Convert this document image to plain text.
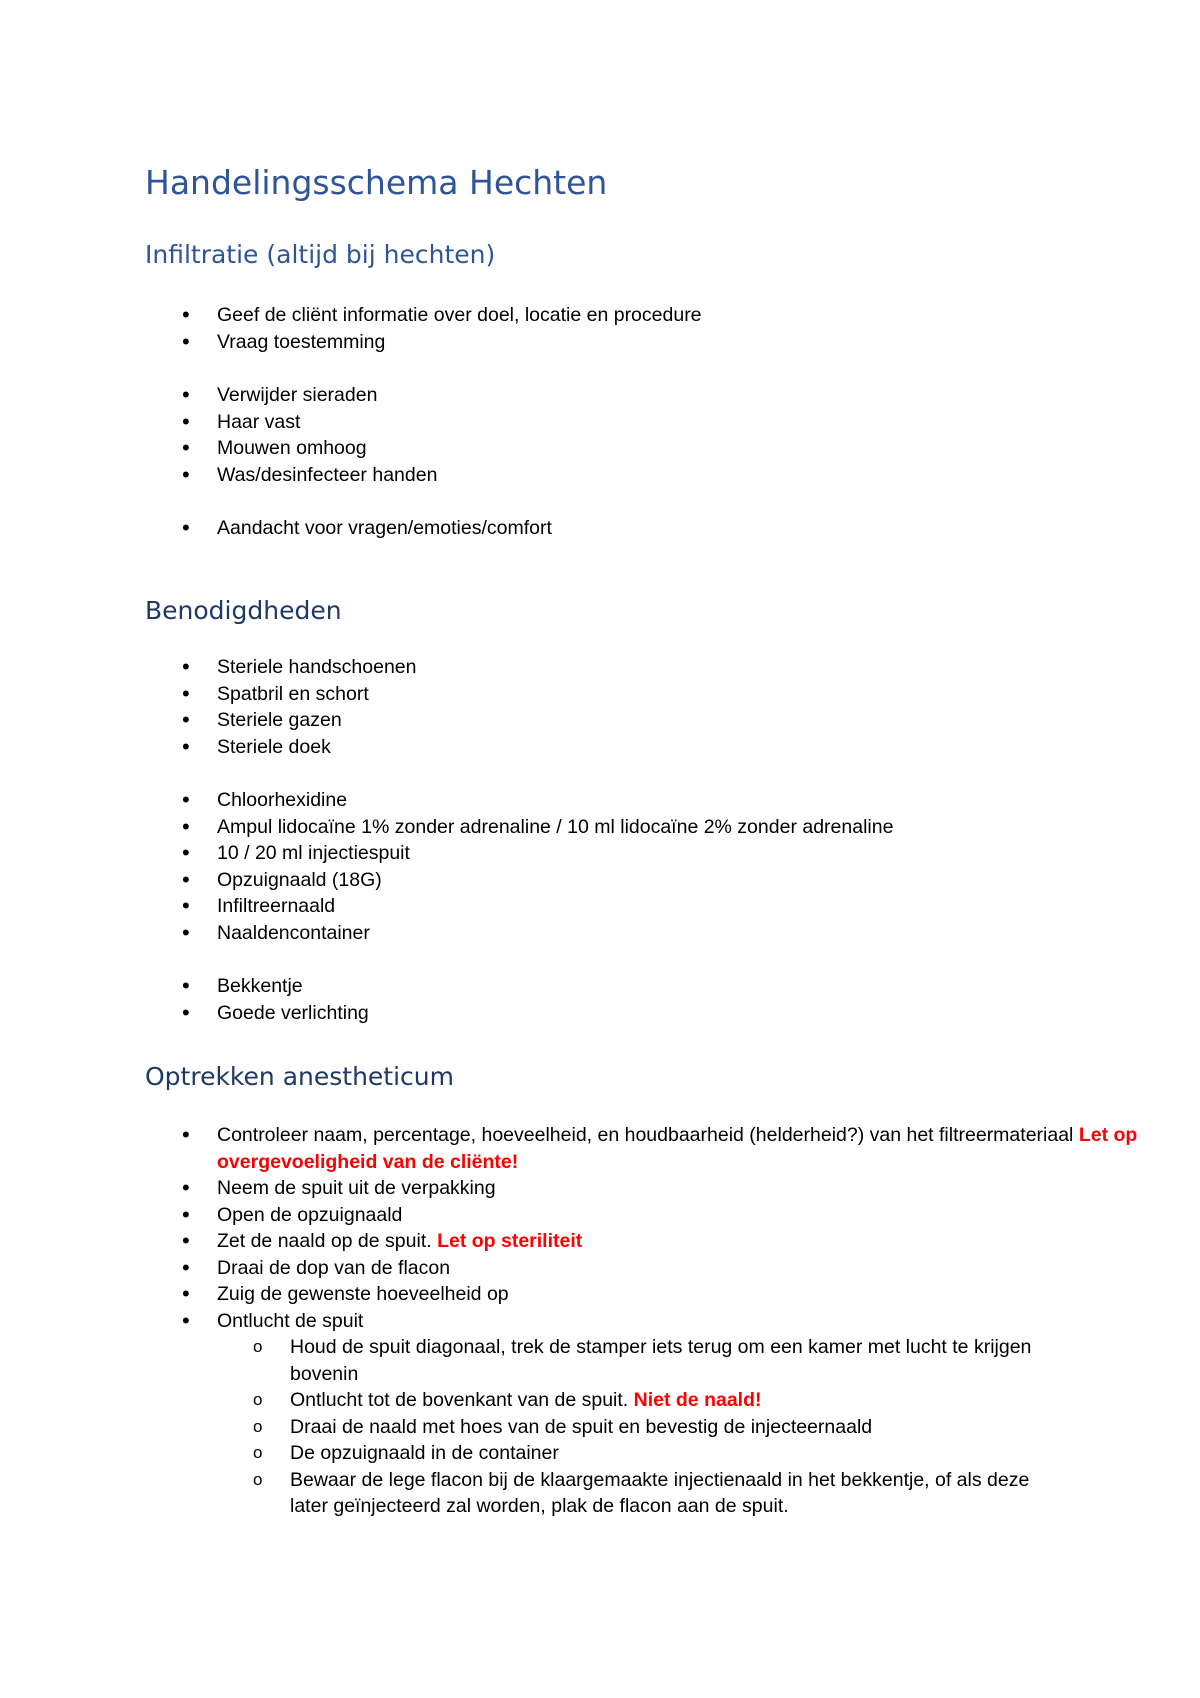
Handelingsschema Hechten
Infiltratie (altijd bij hechten)
• Geef de cliënt informatie over doel, locatie en procedure
• Vraag toestemming
• Verwijder sieraden
• Haar vast
• Mouwen omhoog
• Was/desinfecteer handen
• Aandacht voor vragen/emoties/comfort
Benodigdheden
• Steriele handschoenen
• Spatbril en schort
• Steriele gazen
• Steriele doek
• Chloorhexidine
• Ampul lidocaïne 1% zonder adrenaline / 10 ml lidocaïne 2% zonder adrenaline
• 10 / 20 ml injectiespuit
• Opzuignaald (18G)
• Infiltreernaald
• Naaldencontainer
• Bekkentje
• Goede verlichting
Optrekken anestheticum
• Controleer naam, percentage, hoeveelheid, en houdbaarheid (helderheid?) van het filtreermateriaal Let op overgevoeligheid van de cliënte!
• Neem de spuit uit de verpakking
• Open de opzuignaald
• Zet de naald op de spuit. Let op steriliteit
• Draai de dop van de flacon
• Zuig de gewenste hoeveelheid op
• Ontlucht de spuit
o Houd de spuit diagonaal, trek de stamper iets terug om een kamer met lucht te krijgen bovenin
o Ontlucht tot de bovenkant van de spuit. Niet de naald!
o Draai de naald met hoes van de spuit en bevestig de injecteernaald
o De opzuignaald in de container
o Bewaar de lege flacon bij de klaargemaakte injectienaald in het bekkentje, of als deze later geïnjecteerd zal worden, plak de flacon aan de spuit.
